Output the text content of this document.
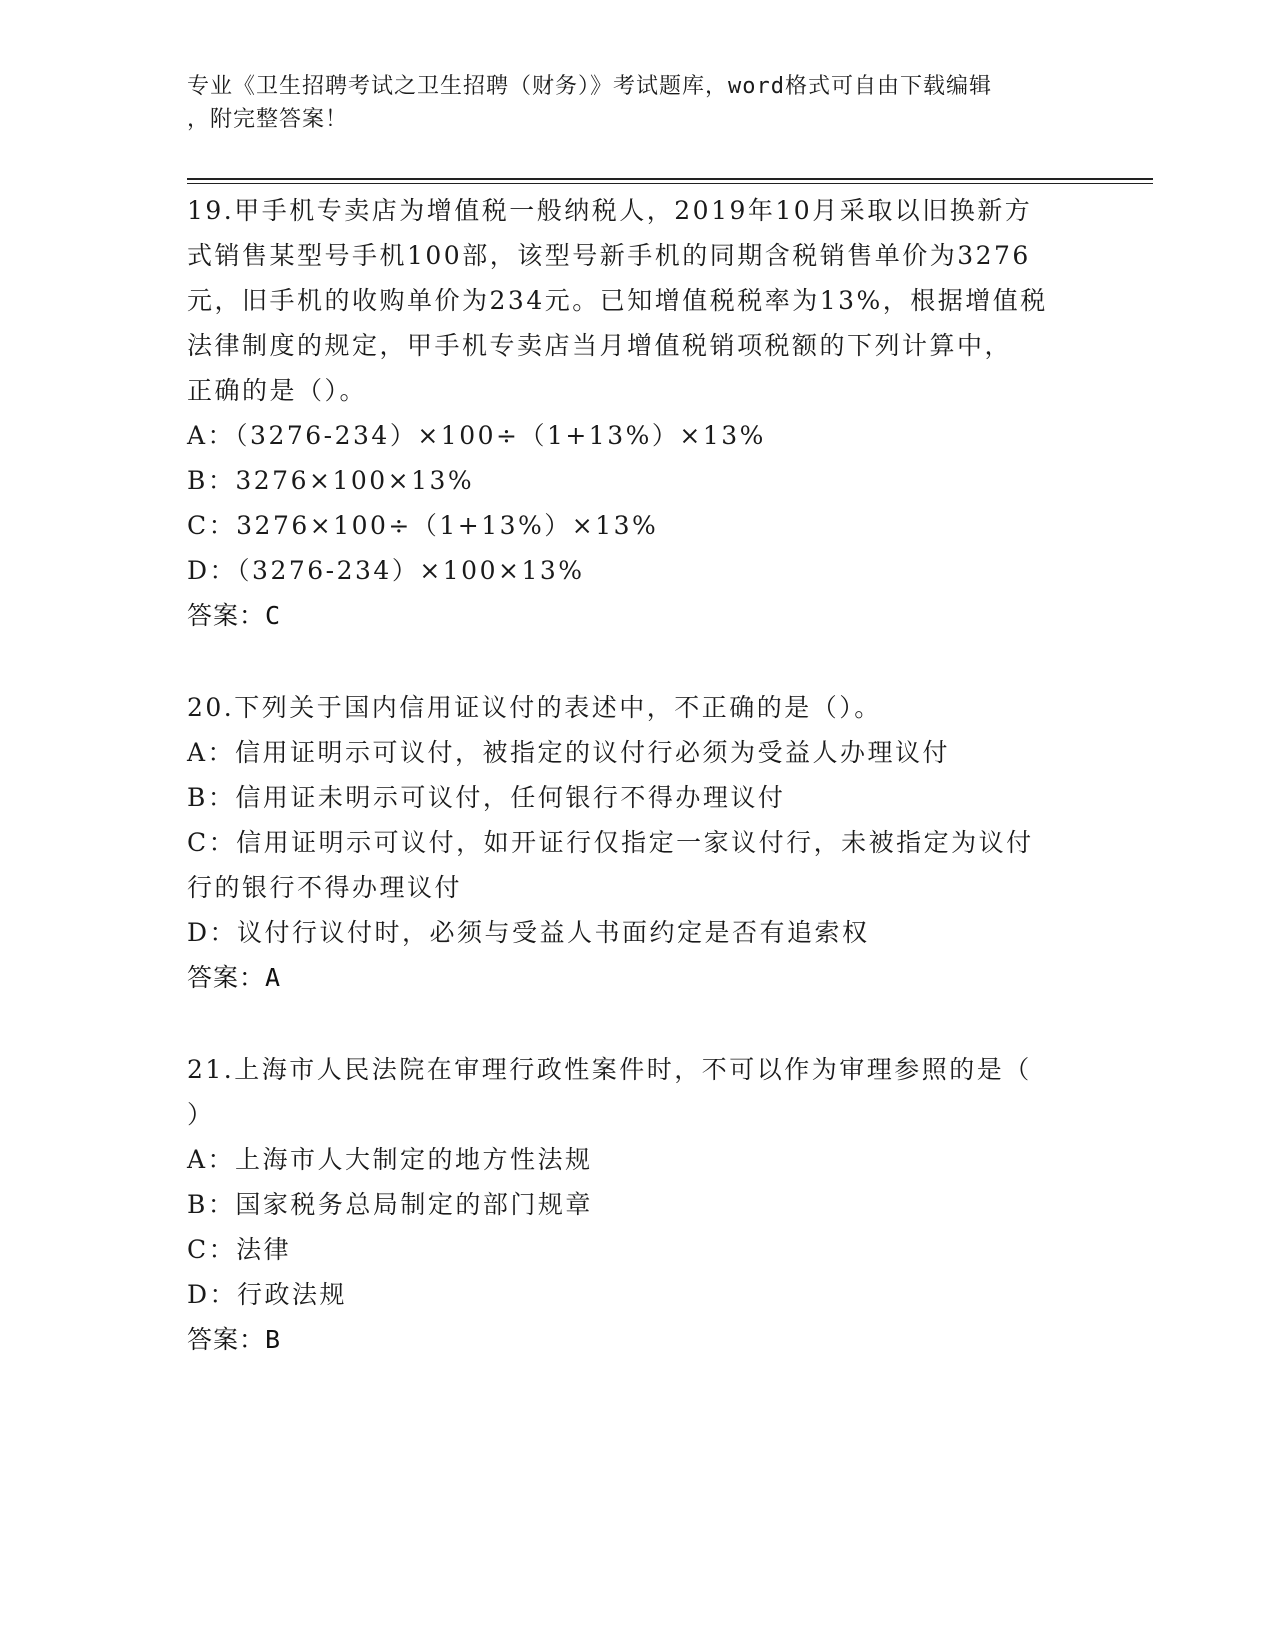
专业《卫生招聘考试之卫生招聘（财务）》考试题库，word格式可自由下载编辑
，附完整答案！
19.甲手机专卖店为增值税一般纳税人，2019年10月采取以旧换新方
式销售某型号手机100部，该型号新手机的同期含税销售单价为3276
元，旧手机的收购单价为234元。已知增值税税率为13%，根据增值税
法律制度的规定，甲手机专卖店当月增值税销项税额的下列计算中，
正确的是（）。
A：（3276-234）×100÷（1+13%）×13%
B：3276×100×13%
C：3276×100÷（1+13%）×13%
D：（3276-234）×100×13%
答案：C
20.下列关于国内信用证议付的表述中，不正确的是（）。
A：信用证明示可议付，被指定的议付行必须为受益人办理议付
B：信用证未明示可议付，任何银行不得办理议付
C：信用证明示可议付，如开证行仅指定一家议付行，未被指定为议付
行的银行不得办理议付
D：议付行议付时，必须与受益人书面约定是否有追索权
答案：A
21.上海市人民法院在审理行政性案件时，不可以作为审理参照的是（
）
A：上海市人大制定的地方性法规
B：国家税务总局制定的部门规章
C：法律
D：行政法规
答案：B
